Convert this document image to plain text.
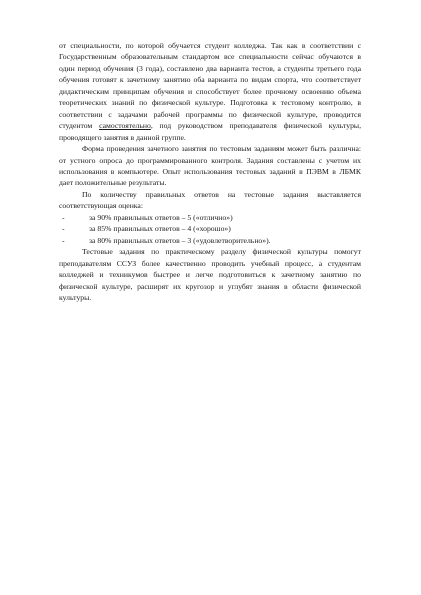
от специальности, по которой обучается студент колледжа. Так как в соответствии с Государственным образовательным стандартом все специальности сейчас обучаются в один период обучения (3 года), составлено два варианта тестов, а студенты третьего года обучения готовят к зачетному занятию оба варианта по видам спорта, что соответствует дидактическим принципам обучения и способствует более прочному освоению объема теоретических знаний по физической культуре. Подготовка к тестовому контролю, в соответствии с задачами рабочей программы по физической культуре, проводится студентом самостоятельно, под руководством преподавателя физической культуры, проводящего занятия в данной группе.

Форма проведения зачетного занятия по тестовым заданиям может быть различна: от устного опроса до программированного контроля. Задания составлены с учетом их использования в компьютере. Опыт использования тестовых заданий в ПЭВМ в ЛБМК дает положительные результаты.

По количеству правильных ответов на тестовые задания выставляется соответствующая оценка:

-	за 90% правильных ответов – 5 («отлично»)
-	за 85% правильных ответов – 4 («хорошо»)
-	за 80% правильных ответов – 3 («удовлетворительно»).

Тестовые задания по практическому разделу физической культуры помогут преподавателям ССУЗ более качественно проводить учебный процесс, а студентам колледжей и техникумов быстрее и легче подготовиться к зачетному занятию по физической культуре, расширят их кругозор и углубят знания в области физической культуры.
